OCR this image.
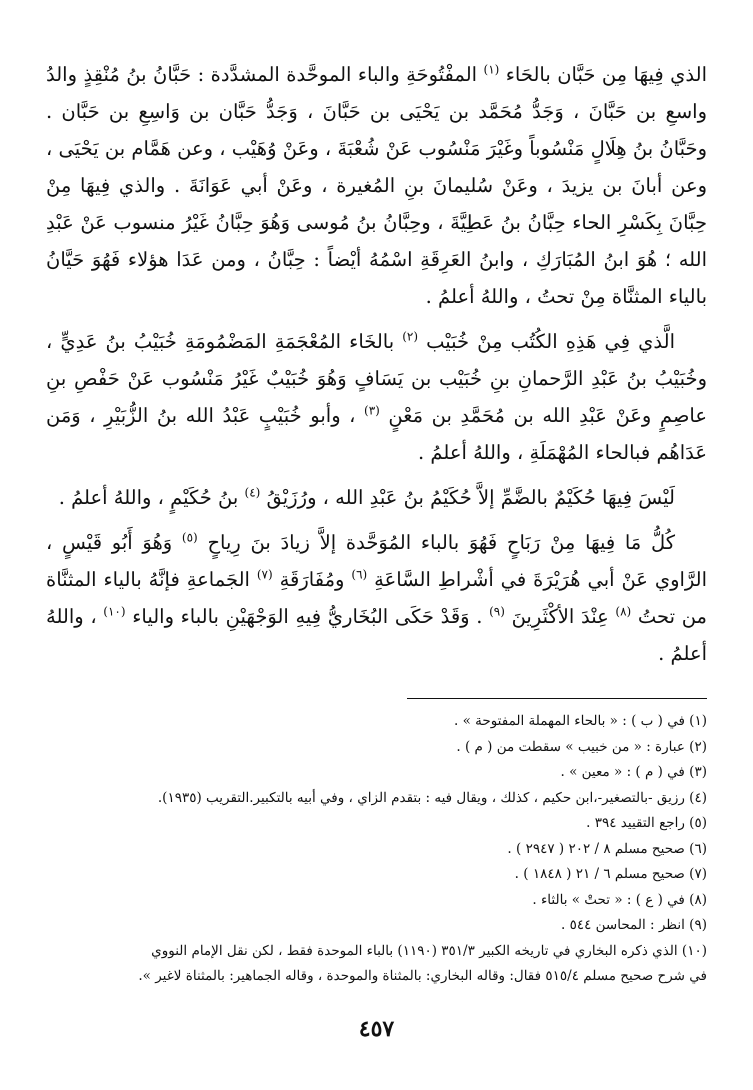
الذي فِيهَا مِن حَبَّان بالحَاء $^{(١)}$ المفْتُوحَةِ والباء الموحَّدة المشدَّدة : حَبَّانُ بنُ مُنْقِذٍ والدُ واسعِ بن حَبَّانَ ، وَجَدُّ مُحَمَّد بن يَحْيَى بن حَبَّانَ ، وَجَدُّ حَبَّان بن وَاسِعِ بن حَبَّان . وحَبَّانُ بنُ هِلَالٍ مَنْسُوباً وغَيْرَ مَنْسُوب عَنْ شُعْبَةَ ، وعَنْ وُهَيْب ، وعن هَمَّام بن يَحْيَى ، وعن أبانَ بن يزيدَ ، وعَنْ سُليمانَ بنِ المُغيرة ، وعَنْ أبي عَوَانَةَ . والذي فِيهَا مِنْ حِبَّانَ بِكَسْرِ الحاء حِبَّانُ بنُ عَطِيَّةَ ، وحِبَّانُ بنُ مُوسى وَهُوَ حِبَّانُ غَيْرُ منسوب عَنْ عَبْدِ الله ؛ هُوَ ابنُ المُبَارَكِ ، وابنُ العَرِقَةِ اسْمُهُ أيْضاً : حِبَّانُ ، ومن عَدَا هؤلاء فَهُوَ حَيَّانُ بالياء المثنَّاة مِنْ تحتُ ، واللهُ أعلمُ .

الَّذي فِي هَذِهِ الكُتُب مِنْ خُبَيْب $^{(٢)}$ بالخَاء المُعْجَمَةِ المَضْمُومَةِ خُبَيْبُ بنُ عَدِيٍّ ، وخُبَيْبُ بنُ عَبْدِ الرَّحمانِ بنِ خُبَيْب بن يَسَافٍ وَهُوَ خُبَيْبٌ غَيْرُ مَنْسُوب عَنْ حَفْصِ بنِ عاصِمٍ وعَنْ عَبْدِ الله بن مُحَمَّدِ بن مَعْنٍ $^{(٣)}$ ، وأبو خُبَيْبٍ عَبْدُ الله بنُ الزُّبَيْرِ ، وَمَن عَدَاهُم فبالحاء المُهْمَلَةِ ، واللهُ أعلمُ .

لَيْسَ فِيهَا حُكَيْمٌ بالضَّمِّ إلاَّ حُكَيْمُ بنُ عَبْدِ الله ، ورُزَيْقُ $^{(٤)}$ بنُ حُكَيْمٍ ، واللهُ أعلمُ .

كُلُّ مَا فِيهَا مِنْ رَبَاحٍ فَهُوَ بالباء المُوَحَّدة إلاَّ زيادَ بنَ رِياحٍ $^{(٥)}$ وَهُوَ أَبُو قَيْسٍ ، الرَّاوي عَنْ أبي هُرَيْرَةَ في أشْراطِ السَّاعَةِ $^{(٦)}$ ومُفَارَقَةِ $^{(٧)}$ الجَماعةِ فإنَّهُ بالياء المثنَّاة من تحتُ $^{(٨)}$ عِنْدَ الأكْثَرِينَ $^{(٩)}$ . وَقَدْ حَكَى البُخَاريُّ فِيهِ الوَجْهَيْنِ بالباء والياء $^{(١٠)}$ ، واللهُ أعلمُ .

(١) في ( ب ) : « بالحاء المهملة المفتوحة » .
(٢) عبارة : « من خبيب » سقطت من ( م ) .
(٣) في ( م ) : « معين » .
(٤) رزيق -بالتصغير-،ابن حكيم ، كذلك ، ويقال فيه : بتقدم الزاي ، وفي أبيه بالتكبير.التقريب (١٩٣٥).
(٥) راجع التقييد ٣٩٤ .
(٦) صحيح مسلم ٨ / ٢٠٢ ( ٢٩٤٧ ) .
(٧) صحيح مسلم ٦ / ٢١ ( ١٨٤٨ ) .
(٨) في ( ع ) : « تحتْ » بالثاء .
(٩) انظر : المحاسن ٥٤٤ .
(١٠) الذي ذكره البخاري في تاريخه الكبير ٣٥١/٣ (١١٩٠) بالباء الموحدة فقط ، لكن نقل الإمام النووي
في شرح صحيح مسلم ٥١٥/٤ فقال: وقاله البخاري: بالمثناة والموحدة ، وقاله الجماهير: بالمثناة لاغير ».
٤٥٧
